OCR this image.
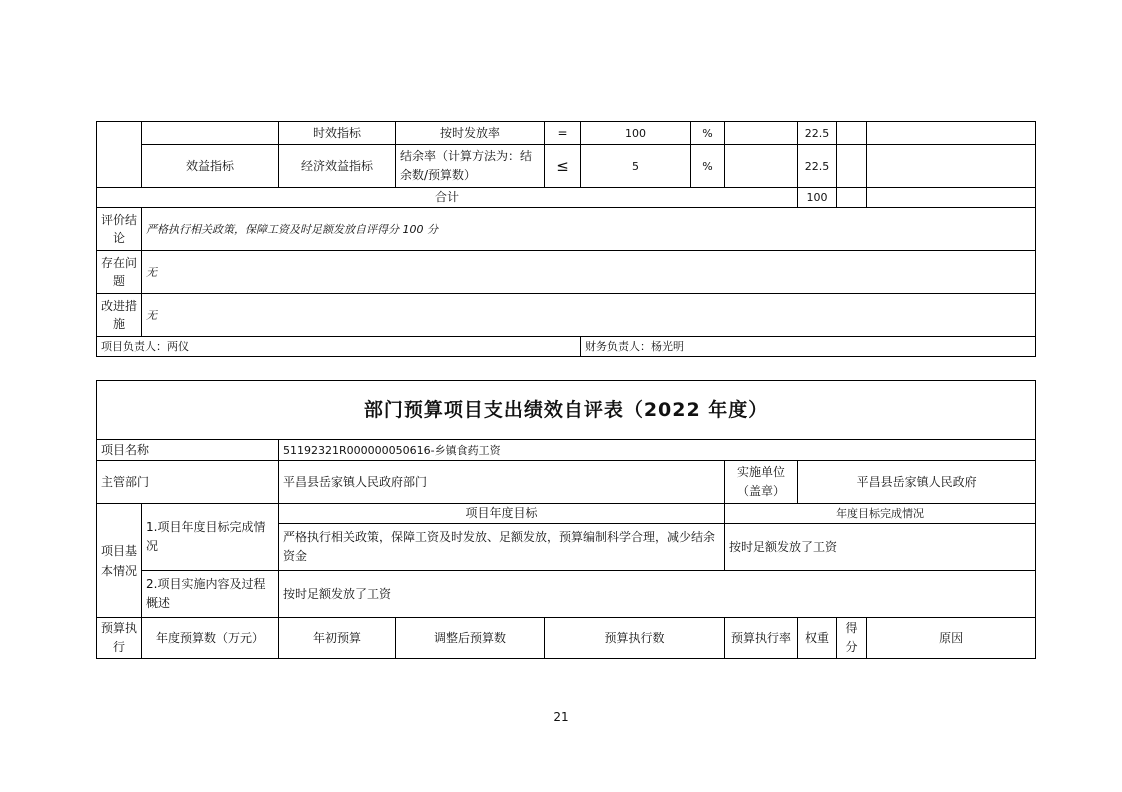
		时效指标	按时发放率	=	100	%		22.5		
	效益指标	经济效益指标	结余率（计算方法为：结余数/预算数）	≤	5	%		22.5		
合计								100		
评价结论	严格执行相关政策，保障工资及时足额发放自评得分 100 分									
存在问题	无									
改进措施	无									
项目负责人：两仪					财务负责人：杨光明					
部门预算项目支出绩效自评表（2022 年度）								
项目名称		51192321R000000050616-乡镇食药工资						
主管部门		平昌县岳家镇人民政府部门			实施单位（盖章）	平昌县岳家镇人民政府		
项目基本情况	1.项目年度目标完成情况	项目年度目标			年度目标完成情况			
		严格执行相关政策，保障工资及时发放、足额发放，预算编制科学合理，减少结余资金			按时足额发放了工资			
	2.项目实施内容及过程概述	按时足额发放了工资						
预算执行	年度预算数（万元）	年初预算	调整后预算数	预算执行数	预算执行率	权重	得分	原因
21
